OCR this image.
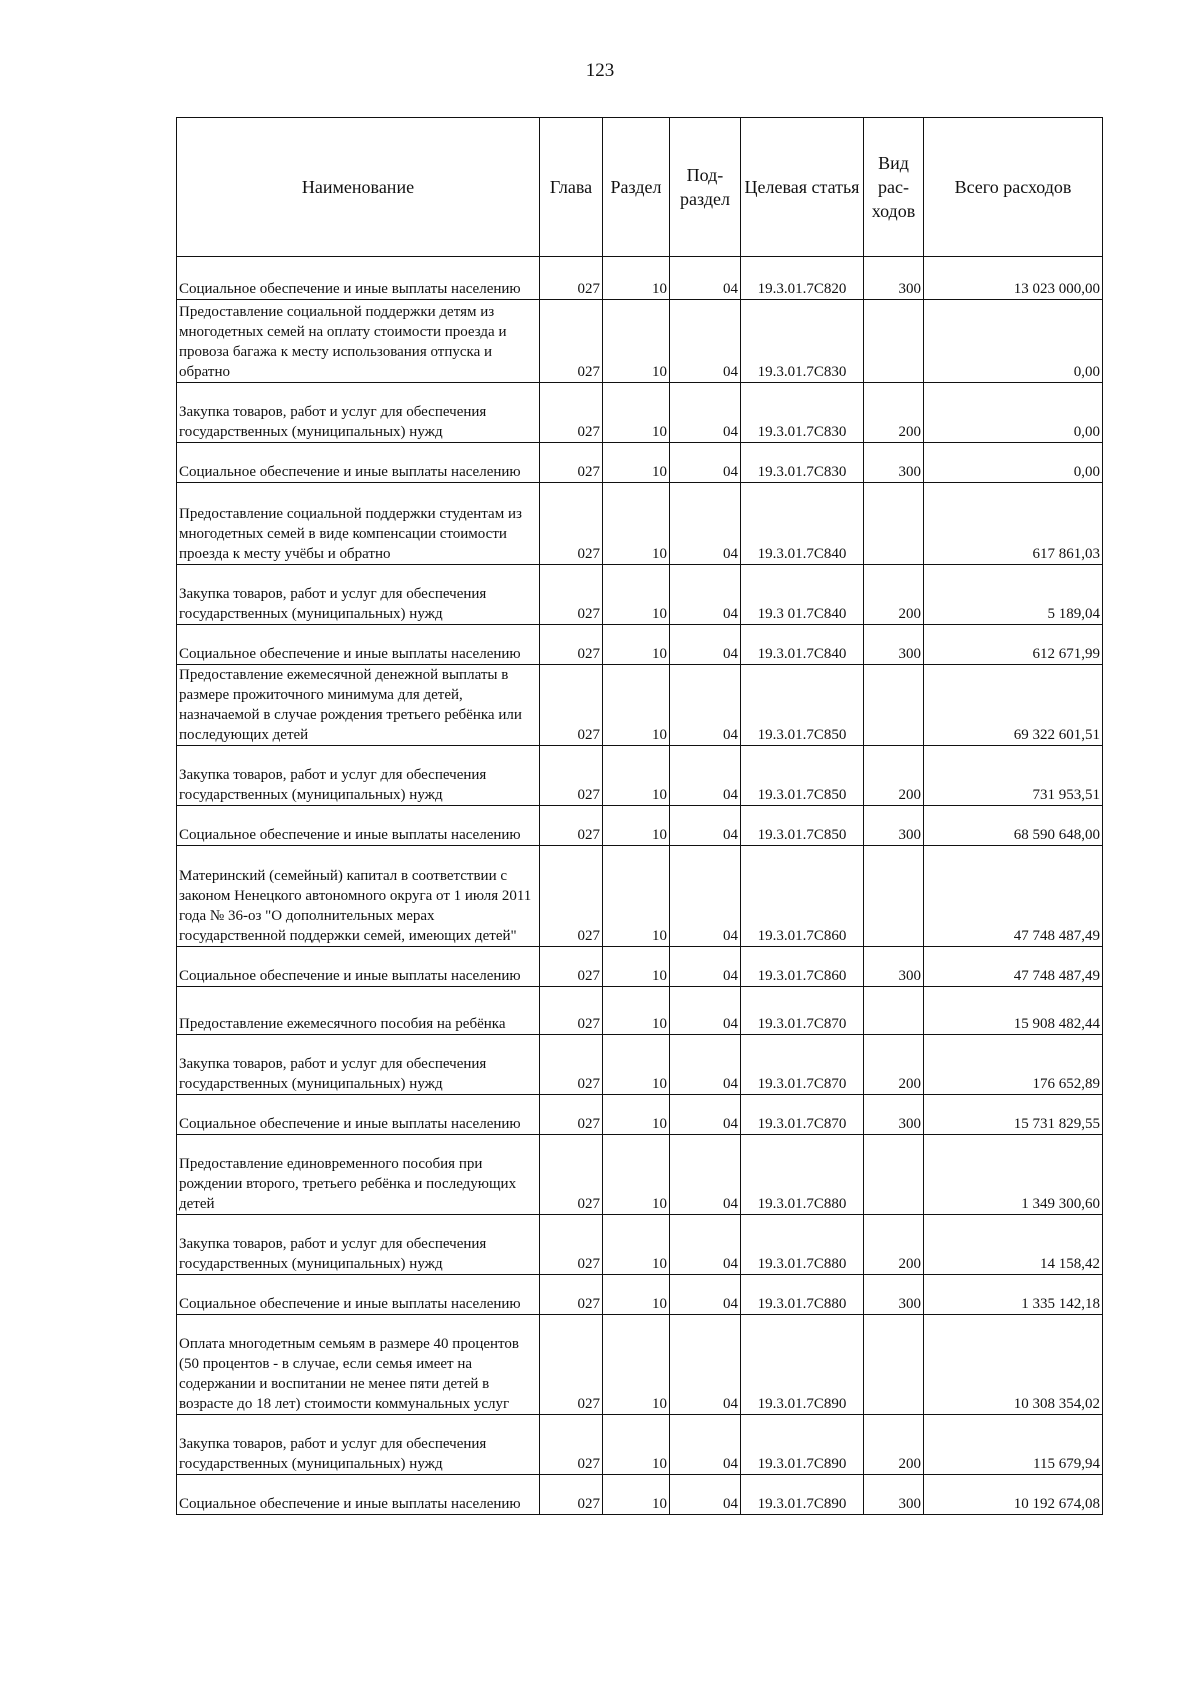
123
Наименование	Глава	Раздел	Под-раздел	Целевая статья	Вид рас-ходов	Всего расходов
Социальное обеспечение и иные выплаты населению	027	10	04	19.3.01.7С820	300	13 023 000,00
Предоставление социальной поддержки детям из многодетных семей на оплату стоимости проезда и провоза багажа к месту использования отпуска и обратно	027	10	04	19.3.01.7С830		0,00
Закупка товаров, работ и услуг для обеспечения государственных (муниципальных) нужд	027	10	04	19.3.01.7С830	200	0,00
Социальное обеспечение и иные выплаты населению	027	10	04	19.3.01.7С830	300	0,00
Предоставление социальной поддержки студентам из многодетных семей в виде компенсации стоимости проезда к месту учёбы и обратно	027	10	04	19.3.01.7С840		617 861,03
Закупка товаров, работ и услуг для обеспечения государственных (муниципальных) нужд	027	10	04	19.3 01.7С840	200	5 189,04
Социальное обеспечение и иные выплаты населению	027	10	04	19.3.01.7С840	300	612 671,99
Предоставление ежемесячной денежной выплаты в размере прожиточного минимума для детей, назначаемой в случае рождения третьего ребёнка или последующих детей	027	10	04	19.3.01.7С850		69 322 601,51
Закупка товаров, работ и услуг для обеспечения государственных (муниципальных) нужд	027	10	04	19.3.01.7С850	200	731 953,51
Социальное обеспечение и иные выплаты населению	027	10	04	19.3.01.7С850	300	68 590 648,00
Материнский (семейный) капитал в соответствии с законом Ненецкого автономного округа от 1 июля 2011 года № 36-оз "О дополнительных мерах государственной поддержки семей, имеющих детей"	027	10	04	19.3.01.7С860		47 748 487,49
Социальное обеспечение и иные выплаты населению	027	10	04	19.3.01.7С860	300	47 748 487,49
Предоставление ежемесячного пособия на ребёнка	027	10	04	19.3.01.7С870		15 908 482,44
Закупка товаров, работ и услуг для обеспечения государственных (муниципальных) нужд	027	10	04	19.3.01.7С870	200	176 652,89
Социальное обеспечение и иные выплаты населению	027	10	04	19.3.01.7С870	300	15 731 829,55
Предоставление единовременного пособия при рождении второго, третьего ребёнка и последующих детей	027	10	04	19.3.01.7С880		1 349 300,60
Закупка товаров, работ и услуг для обеспечения государственных (муниципальных) нужд	027	10	04	19.3.01.7С880	200	14 158,42
Социальное обеспечение и иные выплаты населению	027	10	04	19.3.01.7С880	300	1 335 142,18
Оплата многодетным семьям в размере 40 процентов (50 процентов - в случае, если семья имеет на содержании и воспитании не менее пяти детей в возрасте до 18 лет) стоимости коммунальных услуг	027	10	04	19.3.01.7С890		10 308 354,02
Закупка товаров, работ и услуг для обеспечения государственных (муниципальных) нужд	027	10	04	19.3.01.7С890	200	115 679,94
Социальное обеспечение и иные выплаты населению	027	10	04	19.3.01.7С890	300	10 192 674,08
